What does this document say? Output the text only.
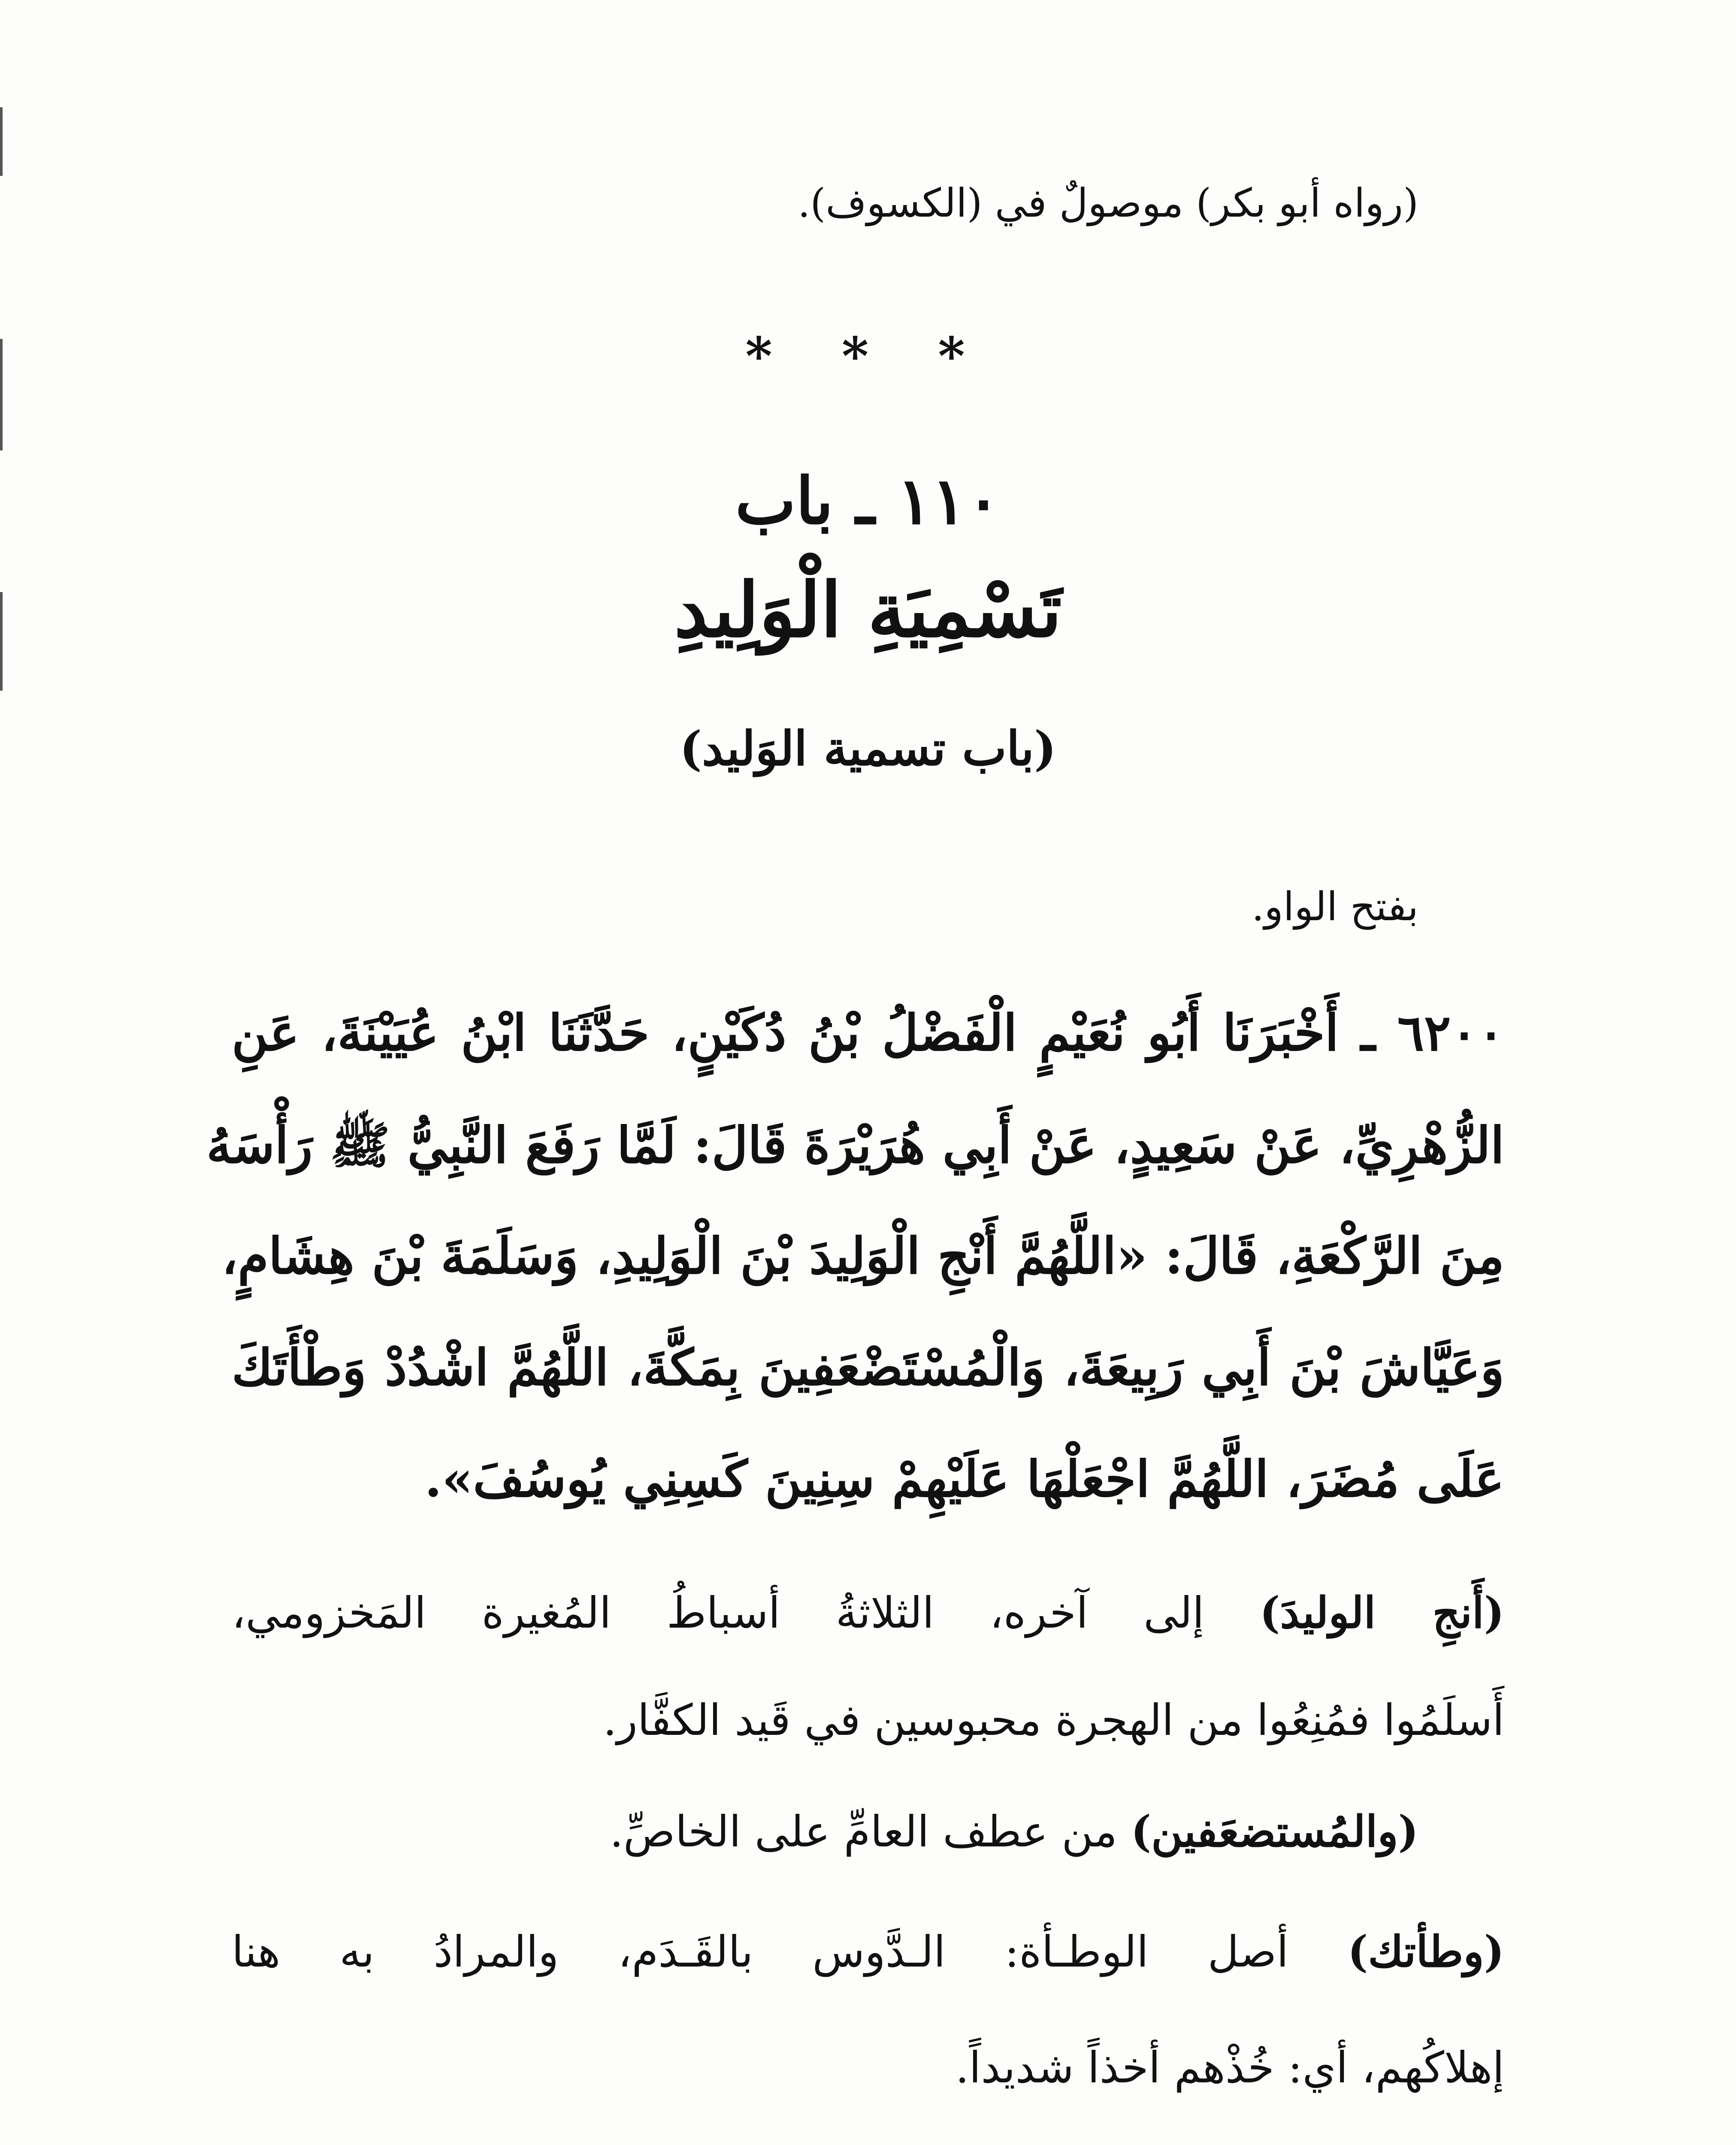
(رواه أبو بكر) موصولٌ في (الكسوف).

* * *

١١٠ ـ باب

تَسْمِيَةِ الْوَلِيدِ

(باب تسمية الوَليد)

بفتح الواو.

٦٢٠٠ ـ أَخْبَرَنَا أَبُو نُعَيْمٍ الْفَضْلُ بْنُ دُكَيْنٍ، حَدَّثَنَا ابْنُ عُيَيْنَةَ، عَنِ

الزُّهْرِيِّ، عَنْ سَعِيدٍ، عَنْ أَبِي هُرَيْرَةَ قَالَ: لَمَّا رَفَعَ النَّبِيُّ ﷺ رَأْسَهُ

مِنَ الرَّكْعَةِ، قَالَ: «اللَّهُمَّ أَنْجِ الْوَلِيدَ بْنَ الْوَلِيدِ، وَسَلَمَةَ بْنَ هِشَامٍ،

وَعَيَّاشَ بْنَ أَبِي رَبِيعَةَ، وَالْمُسْتَضْعَفِينَ بِمَكَّةَ، اللَّهُمَّ اشْدُدْ وَطْأَتَكَ

عَلَى مُضَرَ، اللَّهُمَّ اجْعَلْهَا عَلَيْهِمْ سِنِينَ كَسِنِي يُوسُفَ».

(أَنجِ الوليدَ) إلى آخره، الثلاثةُ أسباطُ المُغيرة المَخزومي،

أَسلَمُوا فمُنِعُوا من الهجرة محبوسين في قَيد الكفَّار.

(والمُستضعَفين) من عطف العامِّ على الخاصِّ.

(وطأتك) أصل الوطـأة: الـدَّوس بالقَـدَم، والمرادُ به هنا

إهلاكُهم، أي: خُذْهم أخذاً شديداً.
